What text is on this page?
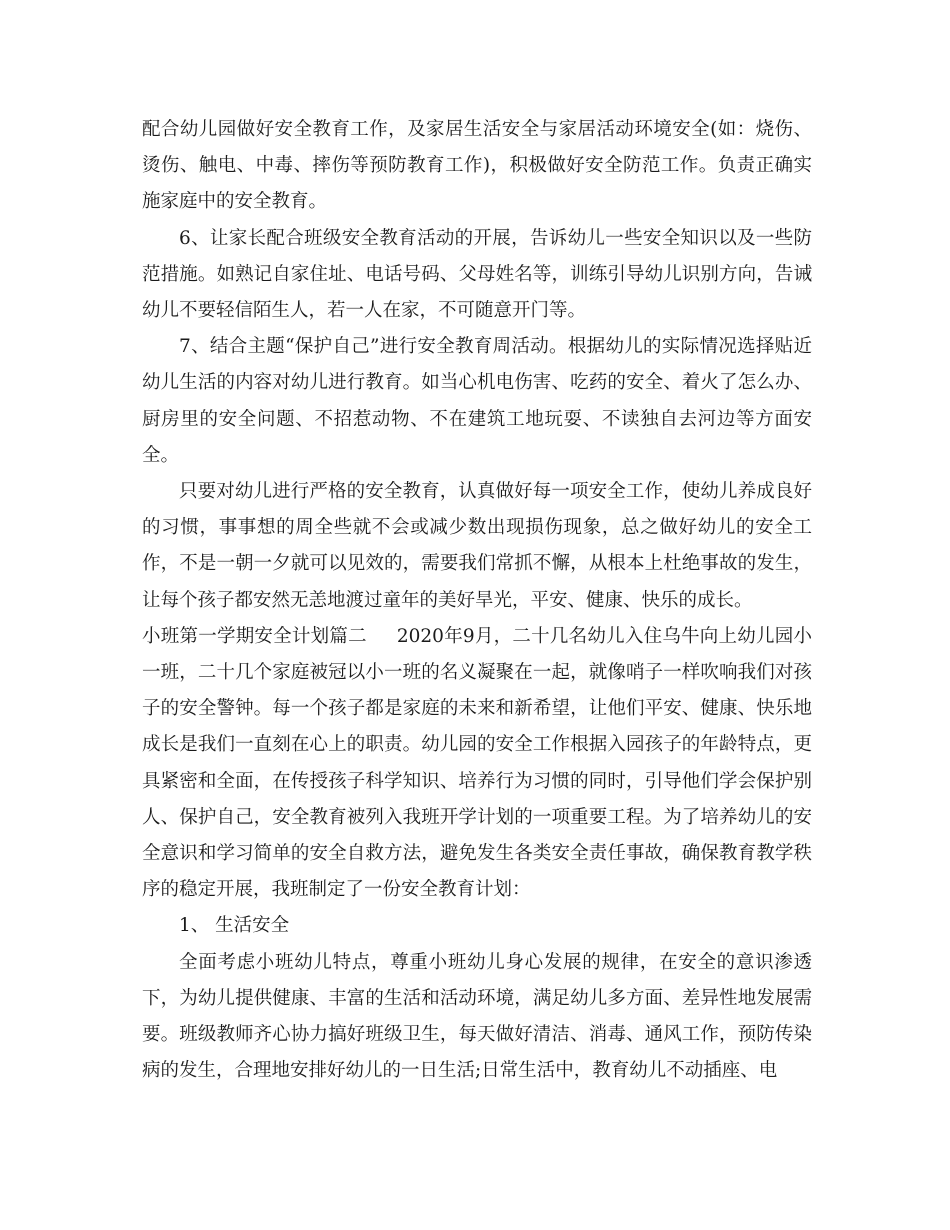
配合幼儿园做好安全教育工作，及家居生活安全与家居活动环境安全(如：烧伤、烫伤、触电、中毒、摔伤等预防教育工作)，积极做好安全防范工作。负责正确实施家庭中的安全教育。

6、让家长配合班级安全教育活动的开展，告诉幼儿一些安全知识以及一些防范措施。如熟记自家住址、电话号码、父母姓名等，训练引导幼儿识别方向，告诫幼儿不要轻信陌生人，若一人在家，不可随意开门等。

7、结合主题“保护自己”进行安全教育周活动。根据幼儿的实际情况选择贴近幼儿生活的内容对幼儿进行教育。如当心机电伤害、吃药的安全、着火了怎么办、厨房里的安全问题、不招惹动物、不在建筑工地玩耍、不读独自去河边等方面安全。

只要对幼儿进行严格的安全教育，认真做好每一项安全工作，使幼儿养成良好的习惯，事事想的周全些就不会或减少数出现损伤现象，总之做好幼儿的安全工作，不是一朝一夕就可以见效的，需要我们常抓不懈，从根本上杜绝事故的发生，让每个孩子都安然无恙地渡过童年的美好旱光，平安、健康、快乐的成长。

小班第一学期安全计划篇二 2020年9月，二十几名幼儿入住乌牛向上幼儿园小一班，二十几个家庭被冠以小一班的名义凝聚在一起，就像哨子一样吹响我们对孩子的安全警钟。每一个孩子都是家庭的未来和新希望，让他们平安、健康、快乐地成长是我们一直刻在心上的职责。幼儿园的安全工作根据入园孩子的年龄特点，更具紧密和全面，在传授孩子科学知识、培养行为习惯的同时，引导他们学会保护别人、保护自己，安全教育被列入我班开学计划的一项重要工程。为了培养幼儿的安全意识和学习简单的安全自救方法，避免发生各类安全责任事故，确保教育教学秩序的稳定开展，我班制定了一份安全教育计划：

1、 生活安全

全面考虑小班幼儿特点，尊重小班幼儿身心发展的规律，在安全的意识渗透下，为幼儿提供健康、丰富的生活和活动环境，满足幼儿多方面、差异性地发展需要。班级教师齐心协力搞好班级卫生，每天做好清洁、消毒、通风工作，预防传染病的发生，合理地安排好幼儿的一日生活;日常生活中，教育幼儿不动插座、电
